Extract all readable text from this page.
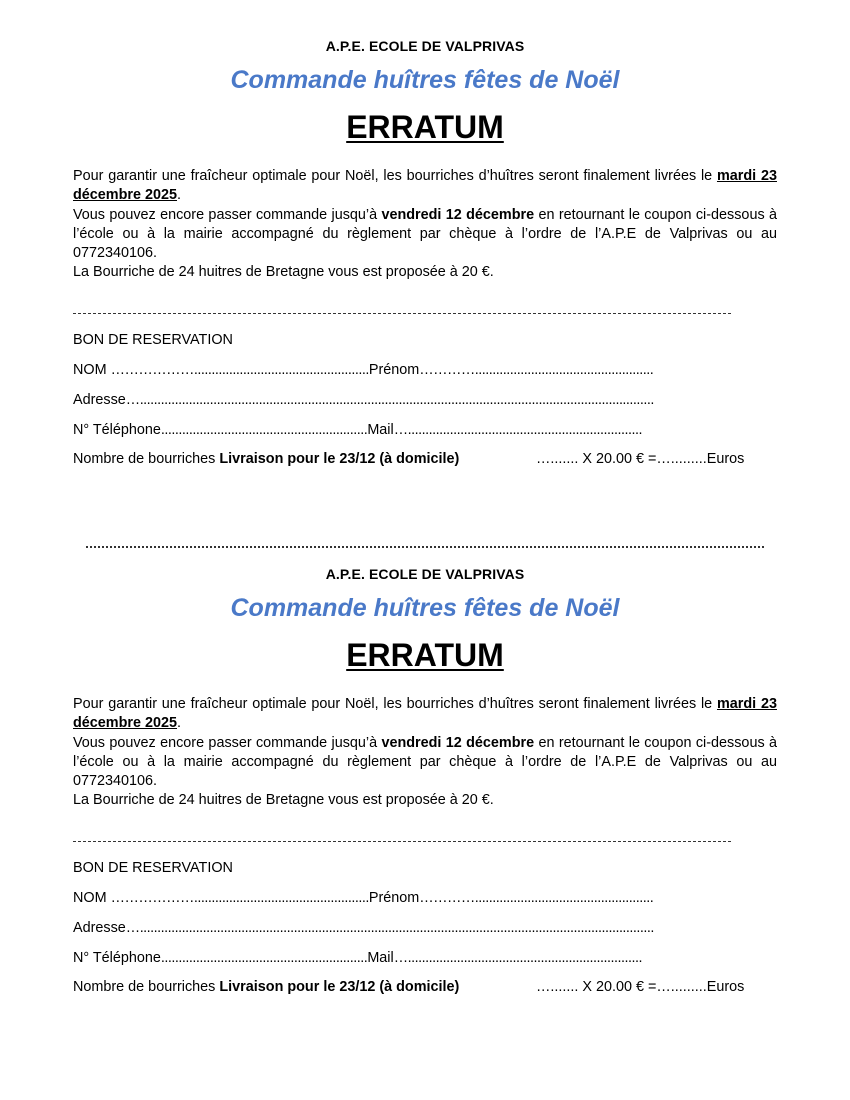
A.P.E. ECOLE DE VALPRIVAS
Commande huîtres fêtes de Noël
ERRATUM

Pour garantir une fraîcheur optimale pour Noël, les bourriches d’huîtres seront finalement livrées le mardi 23 décembre 2025.

Vous pouvez encore passer commande jusqu’à vendredi 12 décembre en retournant le coupon ci-dessous à l’école ou à la mairie accompagné du règlement par chèque à l’ordre de l’A.P.E de Valprivas ou au 0772340106.

La Bourriche de 24 huitres de Bretagne vous est proposée à 20 €.

BON DE RESERVATION
NOM ………………..................................................Prénom…………...................................................
Adresse…...................................................................................................................................................
N° Téléphone...........................................................Mail…...................................................................
Nombre de bourriches Livraison pour le 23/12 (à domicile)	…....... X 20.00 € =….........Euros
A.P.E. ECOLE DE VALPRIVAS
Commande huîtres fêtes de Noël
ERRATUM

Pour garantir une fraîcheur optimale pour Noël, les bourriches d’huîtres seront finalement livrées le mardi 23 décembre 2025.

Vous pouvez encore passer commande jusqu’à vendredi 12 décembre en retournant le coupon ci-dessous à l’école ou à la mairie accompagné du règlement par chèque à l’ordre de l’A.P.E de Valprivas ou au 0772340106.

La Bourriche de 24 huitres de Bretagne vous est proposée à 20 €.

BON DE RESERVATION
NOM ………………..................................................Prénom…………...................................................
Adresse…...................................................................................................................................................
N° Téléphone...........................................................Mail…...................................................................
Nombre de bourriches Livraison pour le 23/12 (à domicile)	…....... X 20.00 € =….........Euros
